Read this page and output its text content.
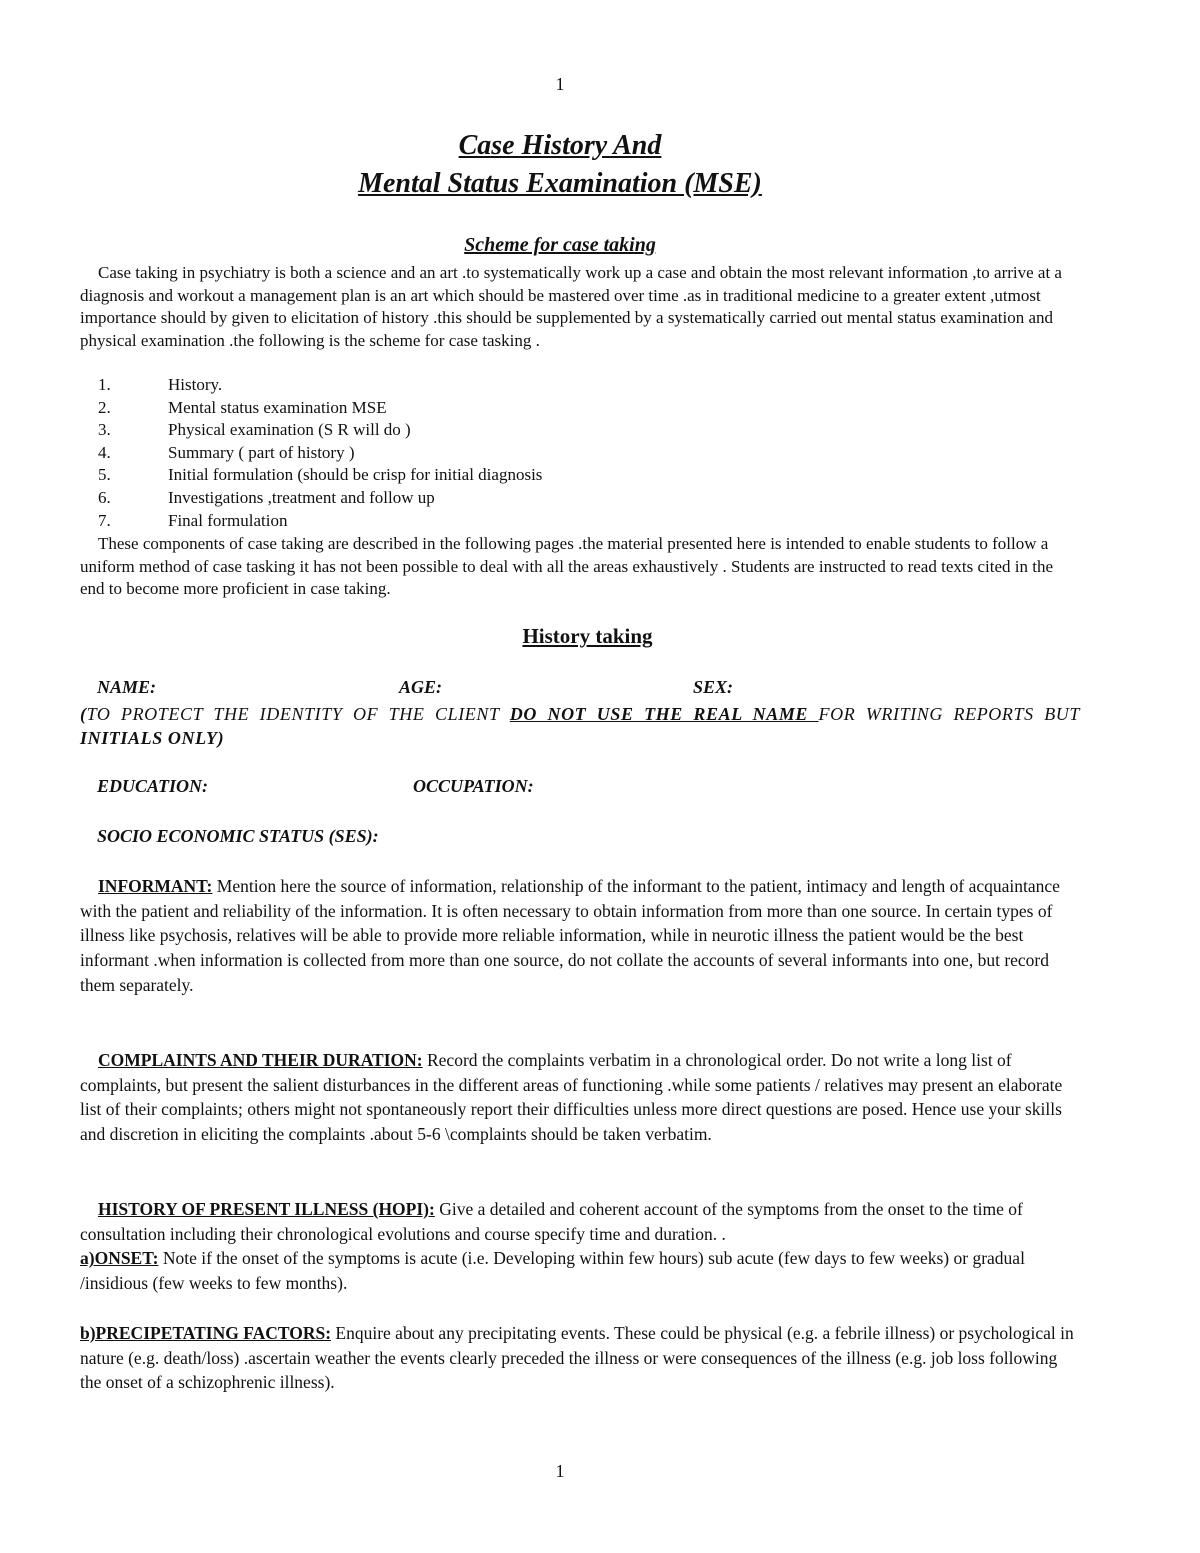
1
Case History And
Mental Status Examination (MSE)
Scheme for case taking
Case taking in psychiatry is both a science and an art .to systematically work up a case and obtain the most relevant information ,to arrive at a diagnosis and workout a management plan is an art which should be mastered over time .as in traditional medicine to a greater extent ,utmost importance should by given to elicitation of history .this should be supplemented by a systematically carried out mental status examination and physical examination .the following is the scheme for case tasking .
1.	History.
2.	Mental status examination MSE
3.	Physical examination (S R will do )
4.	Summary ( part of history )
5.	Initial formulation (should be crisp for initial diagnosis
6.	Investigations ,treatment and follow up
7.	Final formulation
These components of case taking are described in the following pages .the material presented here is intended to enable students to follow a uniform method of case tasking it has not been possible to deal with all the areas exhaustively . Students are instructed to read texts cited in the end to become more proficient in case taking.
History taking
NAME:	AGE:	SEX:
(TO PROTECT THE IDENTITY OF THE CLIENT DO NOT USE THE REAL NAME FOR WRITING REPORTS BUT INITIALS ONLY)
EDUCATION:	OCCUPATION:
SOCIO ECONOMIC STATUS (SES):
INFORMANT: Mention here the source of information, relationship of the informant to the patient, intimacy and length of acquaintance with the patient and reliability of the information. It is often necessary to obtain information from more than one source. In certain types of illness like psychosis, relatives will be able to provide more reliable information, while in neurotic illness the patient would be the best informant .when information is collected from more than one source, do not collate the accounts of several informants into one, but record them separately.
COMPLAINTS AND THEIR DURATION: Record the complaints verbatim in a chronological order. Do not write a long list of complaints, but present the salient disturbances in the different areas of functioning .while some patients / relatives may present an elaborate list of their complaints; others might not spontaneously report their difficulties unless more direct questions are posed. Hence use your skills and discretion in eliciting the complaints .about 5-6 \complaints should be taken verbatim.
HISTORY OF PRESENT ILLNESS (HOPI): Give a detailed and coherent account of the symptoms from the onset to the time of consultation including their chronological evolutions and course specify time and duration. .
a)ONSET: Note if the onset of the symptoms is acute (i.e. Developing within few hours) sub acute (few days to few weeks) or gradual /insidious (few weeks to few months).
b)PRECIPETATING FACTORS: Enquire about any precipitating events. These could be physical (e.g. a febrile illness) or psychological in nature (e.g. death/loss) .ascertain weather the events clearly preceded the illness or were consequences of the illness (e.g. job loss following the onset of a schizophrenic illness).
1
